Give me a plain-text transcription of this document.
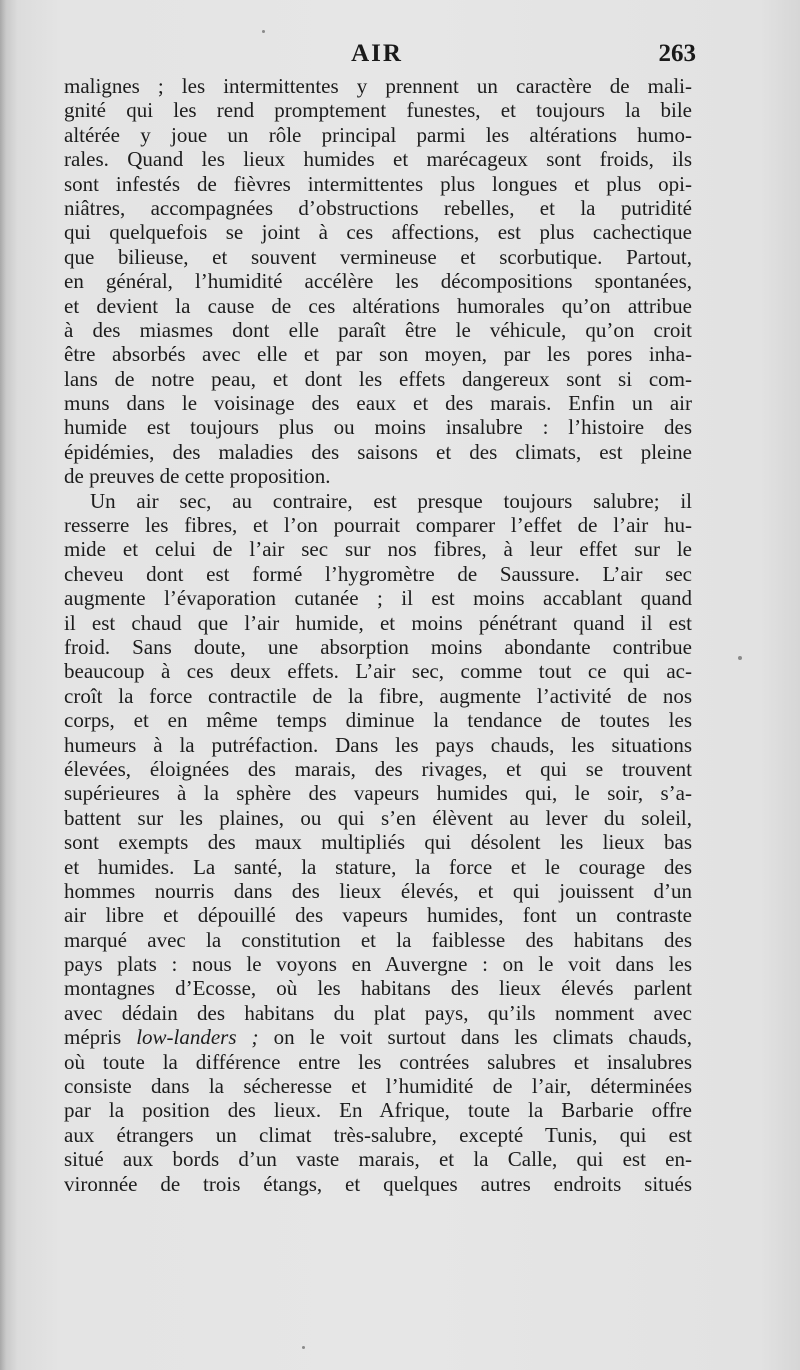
AIR	263
malignes ; les intermittentes y prennent un caractère de mali-
gnité qui les rend promptement funestes, et toujours la bile
altérée y joue un rôle principal parmi les altérations humo-
rales. Quand les lieux humides et marécageux sont froids, ils
sont infestés de fièvres intermittentes plus longues et plus opi-
niâtres, accompagnées d’obstructions rebelles, et la putridité
qui quelquefois se joint à ces affections, est plus cachectique
que bilieuse, et souvent vermineuse et scorbutique. Partout,
en général, l’humidité accélère les décompositions spontanées,
et devient la cause de ces altérations humorales qu’on attribue
à des miasmes dont elle paraît être le véhicule, qu’on croit
être absorbés avec elle et par son moyen, par les pores inha-
lans de notre peau, et dont les effets dangereux sont si com-
muns dans le voisinage des eaux et des marais. Enfin un air
humide est toujours plus ou moins insalubre : l’histoire des
épidémies, des maladies des saisons et des climats, est pleine
de preuves de cette proposition.
Un air sec, au contraire, est presque toujours salubre; il
resserre les fibres, et l’on pourrait comparer l’effet de l’air hu-
mide et celui de l’air sec sur nos fibres, à leur effet sur le
cheveu dont est formé l’hygromètre de Saussure. L’air sec
augmente l’évaporation cutanée ; il est moins accablant quand
il est chaud que l’air humide, et moins pénétrant quand il est
froid. Sans doute, une absorption moins abondante contribue
beaucoup à ces deux effets. L’air sec, comme tout ce qui ac-
croît la force contractile de la fibre, augmente l’activité de nos
corps, et en même temps diminue la tendance de toutes les
humeurs à la putréfaction. Dans les pays chauds, les situations
élevées, éloignées des marais, des rivages, et qui se trouvent
supérieures à la sphère des vapeurs humides qui, le soir, s’a-
battent sur les plaines, ou qui s’en élèvent au lever du soleil,
sont exempts des maux multipliés qui désolent les lieux bas
et humides. La santé, la stature, la force et le courage des
hommes nourris dans des lieux élevés, et qui jouissent d’un
air libre et dépouillé des vapeurs humides, font un contraste
marqué avec la constitution et la faiblesse des habitans des
pays plats : nous le voyons en Auvergne : on le voit dans les
montagnes d’Ecosse, où les habitans des lieux élevés parlent
avec dédain des habitans du plat pays, qu’ils nomment avec
mépris low-landers ; on le voit surtout dans les climats chauds,
où toute la différence entre les contrées salubres et insalubres
consiste dans la sécheresse et l’humidité de l’air, déterminées
par la position des lieux. En Afrique, toute la Barbarie offre
aux étrangers un climat très-salubre, excepté Tunis, qui est
situé aux bords d’un vaste marais, et la Calle, qui est en-
vironnée de trois étangs, et quelques autres endroits situés
